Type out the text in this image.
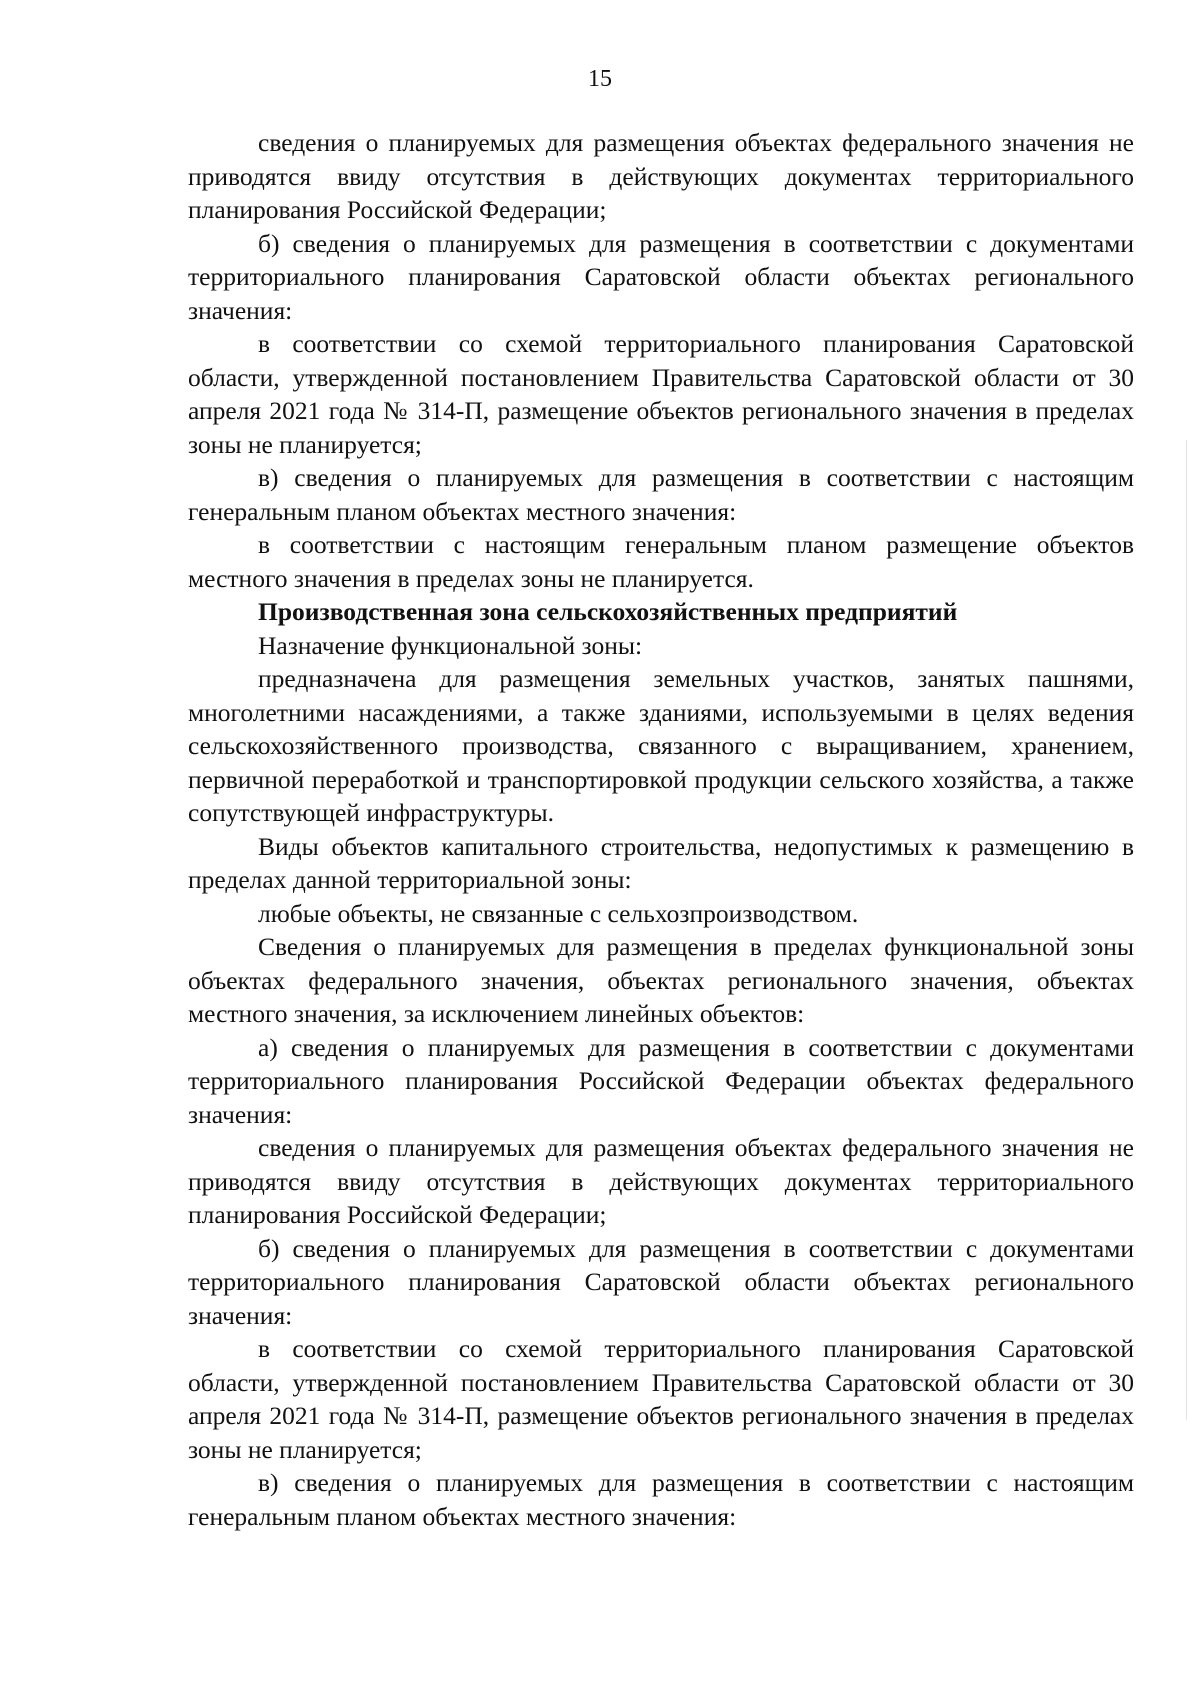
15

сведения о планируемых для размещения объектах федерального значения не приводятся ввиду отсутствия в действующих документах территориального планирования Российской Федерации;

б) сведения о планируемых для размещения в соответствии с документами территориального планирования Саратовской области объектах регионального значения:

в соответствии со схемой территориального планирования Саратовской области, утвержденной постановлением Правительства Саратовской области от 30 апреля 2021 года № 314-П, размещение объектов регионального значения в пределах зоны не планируется;

в) сведения о планируемых для размещения в соответствии с настоящим генеральным планом объектах местного значения:

в соответствии с настоящим генеральным планом размещение объектов местного значения в пределах зоны не планируется.

Производственная зона сельскохозяйственных предприятий

Назначение функциональной зоны:

предназначена для размещения земельных участков, занятых пашнями, многолетними насаждениями, а также зданиями, используемыми в целях ведения сельскохозяйственного производства, связанного с выращиванием, хранением, первичной переработкой и транспортировкой продукции сельского хозяйства, а также сопутствующей инфраструктуры.

Виды объектов капитального строительства, недопустимых к размещению в пределах данной территориальной зоны:

любые объекты, не связанные с сельхозпроизводством.

Сведения о планируемых для размещения в пределах функциональной зоны объектах федерального значения, объектах регионального значения, объектах местного значения, за исключением линейных объектов:

а) сведения о планируемых для размещения в соответствии с документами территориального планирования Российской Федерации объектах федерального значения:

сведения о планируемых для размещения объектах федерального значения не приводятся ввиду отсутствия в действующих документах территориального планирования Российской Федерации;

б) сведения о планируемых для размещения в соответствии с документами территориального планирования Саратовской области объектах регионального значения:

в соответствии со схемой территориального планирования Саратовской области, утвержденной постановлением Правительства Саратовской области от 30 апреля 2021 года № 314-П, размещение объектов регионального значения в пределах зоны не планируется;

в) сведения о планируемых для размещения в соответствии с настоящим генеральным планом объектах местного значения:
